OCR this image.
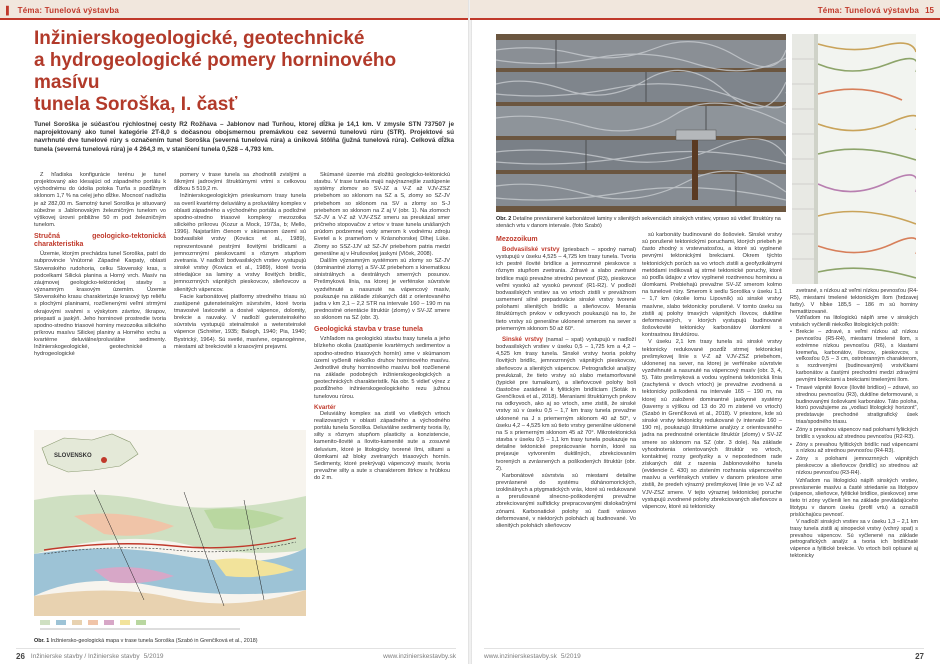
▌ Téma: Tunelová výstavba
Inžinierskogeologické, geotechnické
a hydrogeologické pomery horninového masívu
tunela Soroška, I. časť
Tunel Soroška je súčasťou rýchlostnej cesty R2 Rožňava – Jablonov nad Turňou, ktorej dĺžka je 14,1 km. V zmysle STN 737507 je naprojektovaný ako tunel kategórie 2T-8,0 s dočasnou obojsmernou premávkou cez severnú tunelovú rúru (STR). Projektové sú navrhnuté dve tunelové rúry s označením tunel Soroška (severná tunelová rúra) a úniková štôlňa (južná tunelová rúra). Celková dĺžka tunela (severná tunelová rúra) je 4 264,3 m, v staničení tunela 0,528 – 4,793 km.

Z hľadiska konfigurácie terénu je tunel projektovaný ako klesajúci od západného portálu k východnému do údolia potoka Turňa s pozdĺžnym sklonom 1,7 % na celej jeho dĺžke. Mocnosť nadložia je až 282,00 m. Samotný tunel Soroška je situovaný súbežne s Jablonovským železničným tunelom vo výškovej úrovni približne 50 m pod železničným tunelom.

Stručná geologicko-tektonická charakteristika

Územie, ktorým prechádza tunel Soroška, patrí do subprovincie Vnútorné Západné Karpaty, oblasti Slovenského rudohoria, celku Slovenský kras, s podcelkami Silická planina a Horný vrch. Masív na záujmovej geologicko-tektonickej stavby s významným krasovým územím. Územie Slovenského krasu charakterizuje krasový typ reliéfu s plochými planinami, rozčlenenými veľmi strmými okrajovými svahmi s výskytom závrtov, škrapov, priepastí a jaskýň. Jeho horninové prostredie tvoria spodno-stredno triasové horniny mezozoika silického príkrovu masívu Silickej planiny a Horného vrchu a kvartérne deluviálne/proluviálne sedimenty. Inžinierskogeologické, geotechnické a hydrogeologické

pomery v trase tunela sa zhodnotili zvislými a šikmými jadrovými štruktúrnymi vrtmi s celkovou dĺžkou 5 519,2 m.

Inžinierskogeologickým prieskumom trasy tunela sa overil kvartérny deluviálny a proluviálny komplex v oblasti západného a východného portálu a podložné spodno-stredno triasové komplexy mezozoika silického príkrovu (Kozur a Mock, 1973a, b; Mello, 1996). Najstarším členom v skúmanom území sú bodvasilské vrstvy (Kovács et al., 1989), reprezentované pestrými ílovitými bridlicami a jemnozrnnými pieskovcami s rôznym stupňom zvetrania. V nadloží bodvasilských vrstiev vystupujú sinské vrstvy (Kovács et al., 1989), ktoré tvoria striedajúce sa laminy a vrstvy ílovitých bridlíc, jemnozrnných vápnitých pieskovcov, slieňovcov a slienitých vápencov.

Facie karbonátovej platformy stredného triasu sú zastúpené gutensteinským súvrstvím, ktoré tvoria tmavosivé lavicovité a dosivé vápence, dolomity, brekcie a rauvaky. V nadloží gutensteinského súvrstvia vystupujú steinalmské a wetersteinské vápence (Schréter, 1935; Balogh, 1940; Pia, 1940; Bystrický, 1964). Sú svetlé, masívne, organogénne, miestami až brekciovité s krasovými prejavmi.

Skúmané územie má zložitú geologicko-tektonickú stavbu. V trase tunela majú najvýraznejšie zastúpenie systémy zlomov so SV-JZ a V-Z až VJV-ZSZ priebehom so sklonom na SZ a S, zlomy so SZ-JV priebehom so sklonom na SV a zlomy so S-J priebehom so sklonom na Z aj V (obr. 1). Na zlomoch SZ-JV a V-Z až VJV-ZSZ smeru sa preukázal smer pričneho stopovačov z vrtov v trase tunela unášaných prúdom podzemnej vody smerom k vodnému zdroju Evetel a k prameňom v Krásnohorskej Dlhej Lúke. Zlomy so SSZ-JJV až SZ-JV priebehom patria medzi generálne aj v Hrušovskej jaskyni (Vlček, 2008).

Dalším významným systémom sú zlomy so SZ-JV (dominantné zlomy) a SV-JZ priebehom s kinematikou sinistrálnych a dextrálnych smerných posunov. Prešmyková línia, na ktorej je verfénske súvrstvie vyzdvihnuté a nasunuté na vápencový masív, poukazuje na základe získaných dát z orientovaného jadra v km 2,1 – 2,2 STR na intervale 160 – 190 m na prednostné orientácie štruktúr (zlomy) v SV-JZ smere so sklonom na SZ (obr. 3).

Geologická stavba v trase tunela

Vzhľadom na geologickú stavbu trasy tunela a jeho blízkeho okolia (zastúpenie kvartérnych sedimentov a spodno-stredno triasových hornín) sme v skúmanom území vyčlenili niekoľko druhov horninového masívu. Jednotlivé druhy horninového masívu boli rozčlenené na základe podobných inžinierskogeologických a geotechnických charakteristík. Na obr. 5 vidieť výrez z pozdĺžneho inžinierskogeologického rezu južnou tunelovou rúrou.

Kvartér

Deluviálny komplex sa zistil vo všetkých vrtoch realizovaných v oblasti západného a východného portálu tunela Soroška. Deluviálne sedimenty tvoria íly, silty s rôznym stupňom plasticity a konzistencie, kamenito-ílovité a ílovito-kamenité sute a zosuvné deluvium, ktoré je litologicky tvorené ílmi, siltami a úlomkami až bloky zvetraných triasových hornín. Sedimenty, ktoré prekrývajú vápencový masív, tvoria prevažne silty a sute s charakterom štrkov s hrúbkou do 2 m.

SLOVENSKO
Obr. 1 Inžiniersko-geologická mapa v trase tunela Soroška (Szabó in Grenčíková et al., 2018)
26 Inžinierske stavby / Inžinierske stavby 5/2019	www.inzinierskestavby.sk
Téma: Tunelová výstavba 15
Obr. 2 Detailne prevrásnené karbonátové laminy v slienitých sekvenciách sinských vrstiev, vpravo sú vidieť štruktúry na stenách vrtu v danom intervale. (foto Szabó)
Mezozoikum

Bodvasilské vrstvy (griesbach – spodný namal) vystupujú v úseku 4,525 – 4,725 km trasy tunela. Tvoria ich pestré ílovité bridlice a jemnozrnné pieskovce s rôznym stupňom zvetrania. Zdravé a slabo zvetrané bridlice majú prevažne strednú pevnosť (R3), pieskovce veľmi vysokú až vysokú pevnosť (R1-R2). V podloží bodvasilských vrstiev sa vo vrtoch zistili v prevážnom usmernení silné prepadovácie sinské vrstvy tvorené polohami slienitých bridlíc a slieňovcov. Merania štruktúrnych prvkov v odkryvoch poukazujú na to, že tieto vrstvy sú generálne uklonené smerom na sever s priemerným sklonom 50 až 60°.

Sinské vrstvy (namal – spat) vystupujú v nadloží bodvasilských vrstiev v úseku 0,5 – 1,725 km a 4,2 – 4,525 km trasy tunela. Sinské vrstvy tvoria polohy ílovitých bridlíc, jemnozrnných vápnitých pieskovcov, slieňovcov a slienitých vápencov. Petrografické analýzy preukázali, že tieto vrstvy sú slabo metamorfované (typické pre turnaikum), a slieňovcové polohy boli čiastočne zarádené k fylitickým bridliciam (Soták in Grenčíková et al., 2018). Meraniami štruktúrnych prvkov na odkryvoch, ako aj so vrtoch, sme zistili, že sinské vrstvy sú v úseku 0,5 – 1,7 km trasy tunela prevažne uklonené na J s priemerným sklonom 40 až 50°, v úseku 4,2 – 4,525 km sú tieto vrstvy generálne uklonené na S s priemerným sklonom 45 až 70°. Mikrotektonická stavba v úseku 0,5 – 1,1 km trasy tunela poukazuje na detailne tektonické preprácovanie hornín, ktoré sa prejavuje vytvorením duktilných, zbrekciovaním tvorených a zvrásnených a poškodených štruktúr (obr. 2).

Karbonátové súvrstvia sú miestami detailne prevrásnené do systému dúhánomorických, izoklinálnych a ptygmatických vrás, ktoré sú redukované a prerušované slnecno-poškodenými prevažne zbrekciovanými sulfidicky prepracovanými dislokačnými zónami. Karbonatické polohy sú časti vrásovo deformované, v niektorých polohách aj budinované. Vo slienitých polohách slieňovcov

sú karbonáty budinované do šošoviek. Sinské vrstvy sú porušené tektonickými poruchami, ktorých priebeh je často zhodný s vrstevnatosťou, a ktoré sú vyplnené pevnými tektonickými brekciami. Okrem týchto tektonických porúch sa vo vrtoch zistili a geofyzikálnymi metódami indikovali aj strmé tektonické poruchy, ktoré sú podľa údajov z vrtov vyplnené rozdrvenou horninou a úlomkami. Prebiehajú prevažne SV-JZ smerom kolmo na tunelové rúry. Smerom k sedlu Soroška v úseku 1,1 – 1,7 km (okolie lomu Lipovník) sú sinské vrstvy masívne, slabo tektonicky porušené. V tomto úseku sa zistili aj polohy tmavých vápnitých ílovcov, duktilne deformovaných, v ktorých vystupujú budinované šošovkovité tektonicky karbonátov úlomkmi s kontrastnou štruktúrou.

V úseku 2,1 km trasy tunela sú sinské vrstvy tektonicky redukované pozdĺž strmej tektonickej prešmykovej línie s V-Z až VJV-ZSZ priebehom, uklonenej na sever, na ktorej je verfénske súvrstvie vyzdvihnuté a nasunuté na vápencový masív (obr. 3, 4, 5). Táto prešmyková a vodou vyplnená tektonická línia (zachytená v dvoch vrtoch) je prevažne zvodnená a tektonicky poškodená na intervale 165 – 190 m, na ktorej sú založené dominantné jaskynné systémy (kaverny s výškou od 13 do 20 m zistené vo vrtoch) (Szabó in Grenčíková et al., 2018). V priestore, kde sú sinské vrstvy tektonicky redukované (v intervale 160 – 190 m), poukazujú štruktúrne analýzy z orientovaného jadra na prednostné orientácie štruktúr (zlomy) v SV-JZ smere so sklonom na SZ (obr. 3 dole). Na základe vyhodnotenia orientovaných štruktúr vo vrtoch, kontaktnej rozsy geofyziky a v nepostednom rade získaných dát z razenia Jablonovského tunela (evidencie č. 430) so zistením rozhrania vápencového masívu a verfénskych vrstiev v danom priestore sme zistili, že predeh výrazný prešmykovej línie je vo V-Z až VJV-ZSZ smere. V tejto výraznej tektonickej poruche vystupujú zvodnené polohy zbrekciovaných slieňovcov a vápencov, ktoré sú tektonicky

zvetrané, s nízkou až veľmi nízkou pevnosťou (R4-R5), miestami tmelené tektonickým ílom (hrdzavej farby). V hĺbke 185,5 – 186 m sú horniny hematitizované.

Vzhľadom na litologickú náplň sme v sinských vrstvách vyčlenili niekoľko litologických polôh:

• Brekcie – zdravé, s veľmi nízkou až nízkou pevnosťou (R5-R4), miestami tmelené ílom, s extrémne nízkou pevnosťou (R6), s klastami kremeňa, karbonátov, ílovcov, pieskovcov, s veľkosťou 0,5 – 3 cm, ostrohranným charakterom, s rozdrvenými (budinovanými) vrstvičkami karbonátov a častými prechodmi medzi zdravými pevnými brekciami a brekciami tmelenými ílom.
• Tmavé vápnité ílovce (ílovité bridlice) – zdravé, so strednou pevnosťou (R3), duktilne deformované, s budinovanými šošovkami karbonátov. Táto polohа, ktorú považujeme za „vodiaci litologický horizont", predstavuje prechodné stratigrafický úsek trias/spodného triasu.
• Zóny s prevahou vápencov nad polohami fyliických bridlíc s vysokou až strednou pevnosťou (R2-R3).
• Zóny s prevahou fylitických bridlíc nad vápencami s nízkou až strednou pevnosťou (R4-R3).
• Zóny s polohami jemnozrnných vápnitých pieskovcov a slieňovcov (bridlíc) so strednou až nízkou pevnosťou (R3-R4).

Vzhľadom na litologickú náplň sinských vrstiev, prevrásnenie masívu a časté striedanie sa litotypov (vápence, slieňovce, fylitické bridlice, pieskovce) sme tieto tri zóny vyčlenili len na základe prevládajúceho litotypu v danom úseku (profil vrtu) a označili prislúchajúcu pevnosť.

V nadloží sinských vrstiev sa v úseku 1,3 – 2,1 km trasy tunela zistili aj sinopecké vrstvy (vchný spat) s prevahou vápencov. Sú vyčlenené na základe petrografických analýz a tvoria ich bridličnaté vápence a fylitické brekcie. Vo vrtoch boli opísané aj tektonicky

www.inzinierskestavby.sk 5/2019	27
